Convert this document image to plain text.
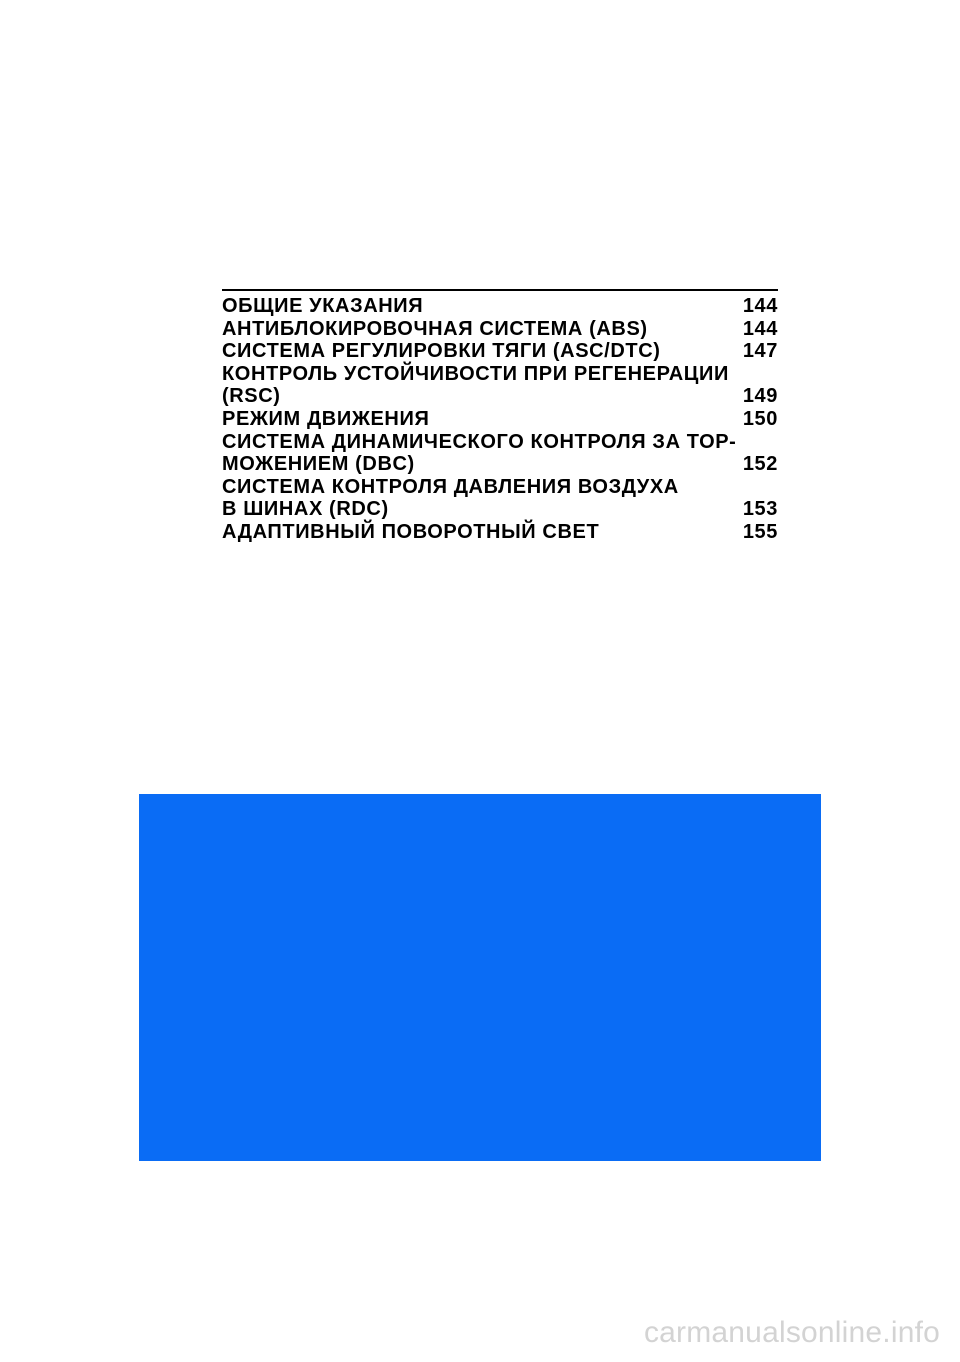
ОБЩИЕ УКАЗАНИЯ	144
АНТИБЛОКИРОВОЧНАЯ СИСТЕМА (ABS)	144
СИСТЕМА РЕГУЛИРОВКИ ТЯГИ (ASC/DTC)	147
КОНТРОЛЬ УСТОЙЧИВОСТИ ПРИ РЕГЕНЕРАЦИИ
(RSC)	149
РЕЖИМ ДВИЖЕНИЯ	150
СИСТЕМА ДИНАМИЧЕСКОГО КОНТРОЛЯ ЗА ТОР-
МОЖЕНИЕМ (DBC)	152
СИСТЕМА КОНТРОЛЯ ДАВЛЕНИЯ ВОЗДУХА
В ШИНАХ (RDC)	153
АДАПТИВНЫЙ ПОВОРОТНЫЙ СВЕТ	155
carmanualsonline.info
